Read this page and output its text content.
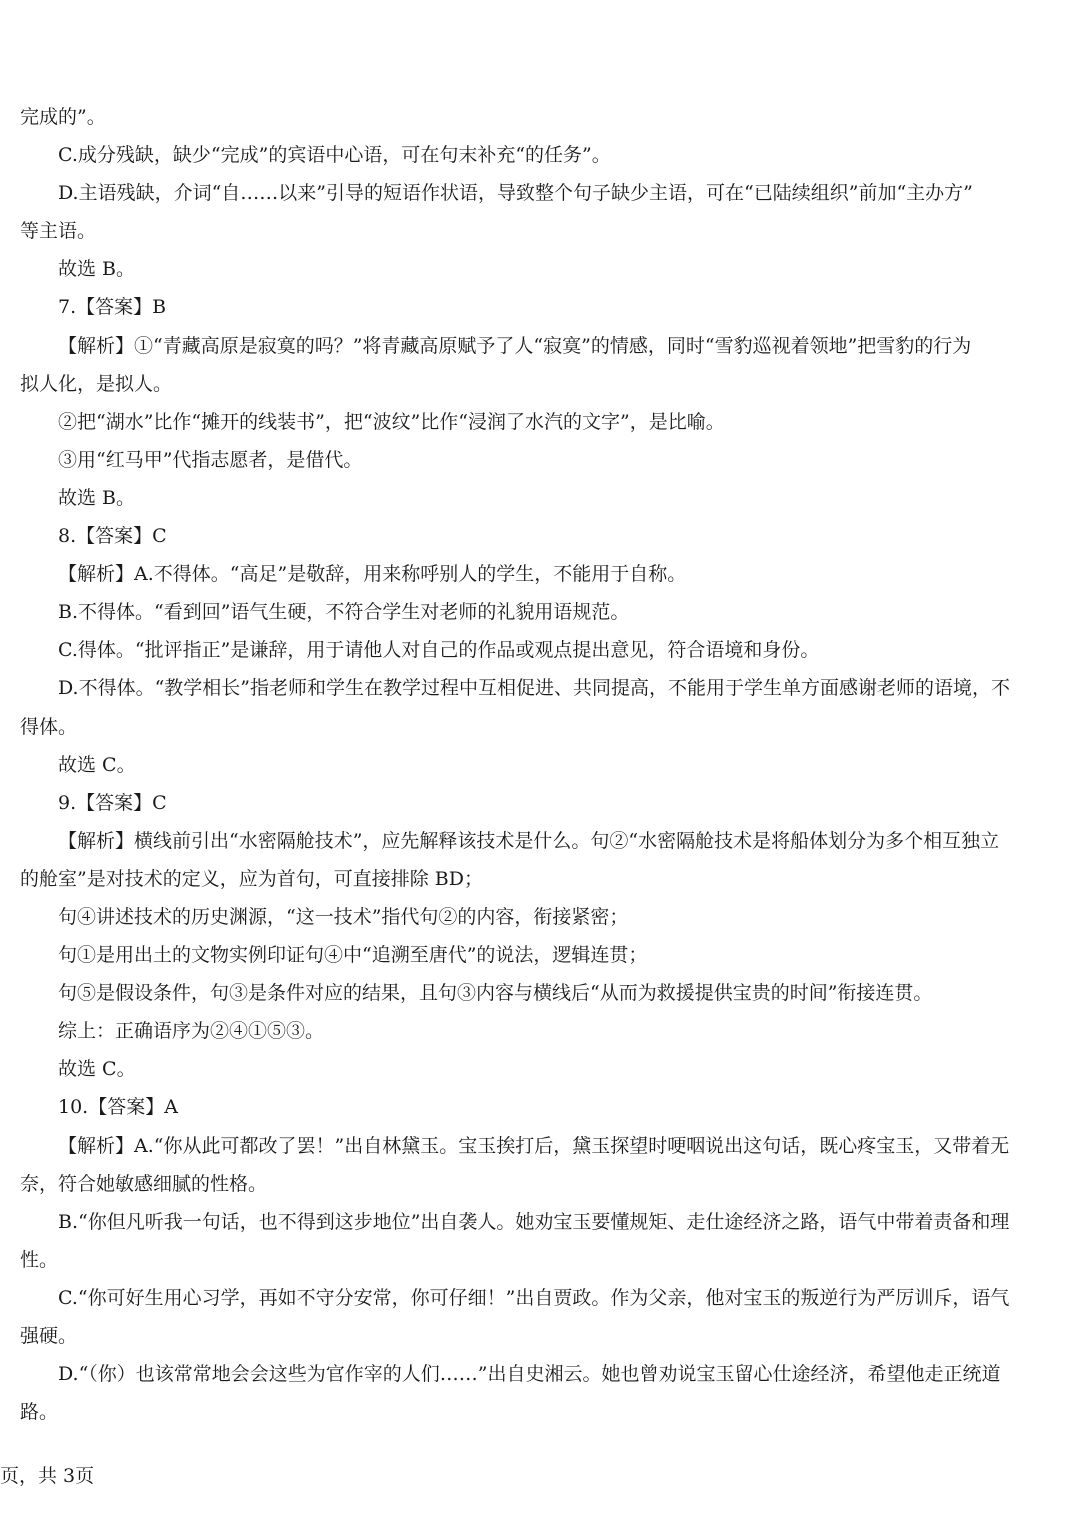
完成的”。
C.成分残缺，缺少“完成”的宾语中心语，可在句末补充“的任务”。
D.主语残缺，介词“自……以来”引导的短语作状语，导致整个句子缺少主语，可在“已陆续组织”前加“主办方”
等主语。
故选 B。
7.【答案】B
【解析】①“青藏高原是寂寞的吗？”将青藏高原赋予了人“寂寞”的情感，同时“雪豹巡视着领地”把雪豹的行为
拟人化，是拟人。
②把“湖水”比作“摊开的线装书”，把“波纹”比作“浸润了水汽的文字”，是比喻。
③用“红马甲”代指志愿者，是借代。
故选 B。
8.【答案】C
【解析】A.不得体。“高足”是敬辞，用来称呼别人的学生，不能用于自称。
B.不得体。“看到回”语气生硬，不符合学生对老师的礼貌用语规范。
C.得体。“批评指正”是谦辞，用于请他人对自己的作品或观点提出意见，符合语境和身份。
D.不得体。“教学相长”指老师和学生在教学过程中互相促进、共同提高，不能用于学生单方面感谢老师的语境，不
得体。
故选 C。
9.【答案】C
【解析】横线前引出“水密隔舱技术”，应先解释该技术是什么。句②“水密隔舱技术是将船体划分为多个相互独立
的舱室”是对技术的定义，应为首句，可直接排除 BD；
句④讲述技术的历史渊源，“这一技术”指代句②的内容，衔接紧密；
句①是用出土的文物实例印证句④中“追溯至唐代”的说法，逻辑连贯；
句⑤是假设条件，句③是条件对应的结果，且句③内容与横线后“从而为救援提供宝贵的时间”衔接连贯。
综上：正确语序为②④①⑤③。
故选 C。
10.【答案】A
【解析】A.“你从此可都改了罢！”出自林黛玉。宝玉挨打后，黛玉探望时哽咽说出这句话，既心疼宝玉，又带着无
奈，符合她敏感细腻的性格。
B.“你但凡听我一句话，也不得到这步地位”出自袭人。她劝宝玉要懂规矩、走仕途经济之路，语气中带着责备和理
性。
C.“你可好生用心习学，再如不守分安常，你可仔细！”出自贾政。作为父亲，他对宝玉的叛逆行为严厉训斥，语气
强硬。
D.“（你）也该常常地会会这些为官作宰的人们……”出自史湘云。她也曾劝说宝玉留心仕途经济，希望他走正统道
路。
页，共 3页
